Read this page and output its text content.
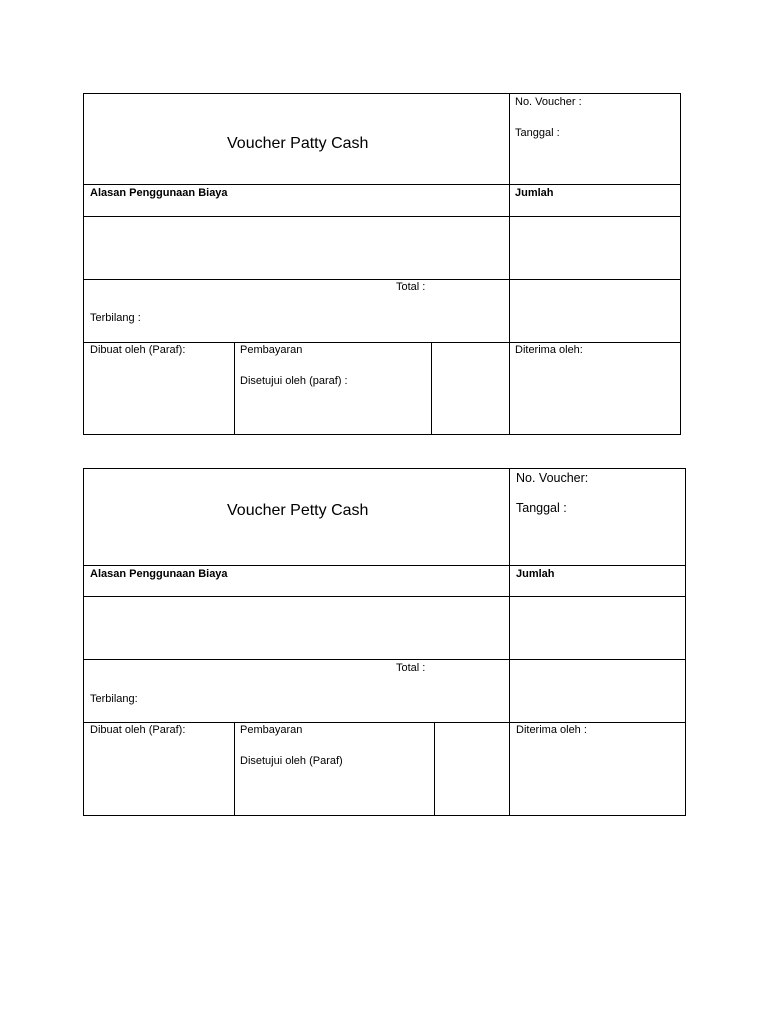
Voucher Patty Cash
No. Voucher :
Tanggal :
Alasan Penggunaan Biaya	Jumlah
Total :
Terbilang :
Dibuat oleh (Paraf):	Pembayaran
Disetujui oleh (paraf) :
Diterima oleh:
Voucher Petty Cash
No. Voucher:
Tanggal :
Alasan Penggunaan Biaya	Jumlah
Total :
Terbilang:
Dibuat oleh (Paraf):	Pembayaran
Disetujui oleh (Paraf)
Diterima oleh :
